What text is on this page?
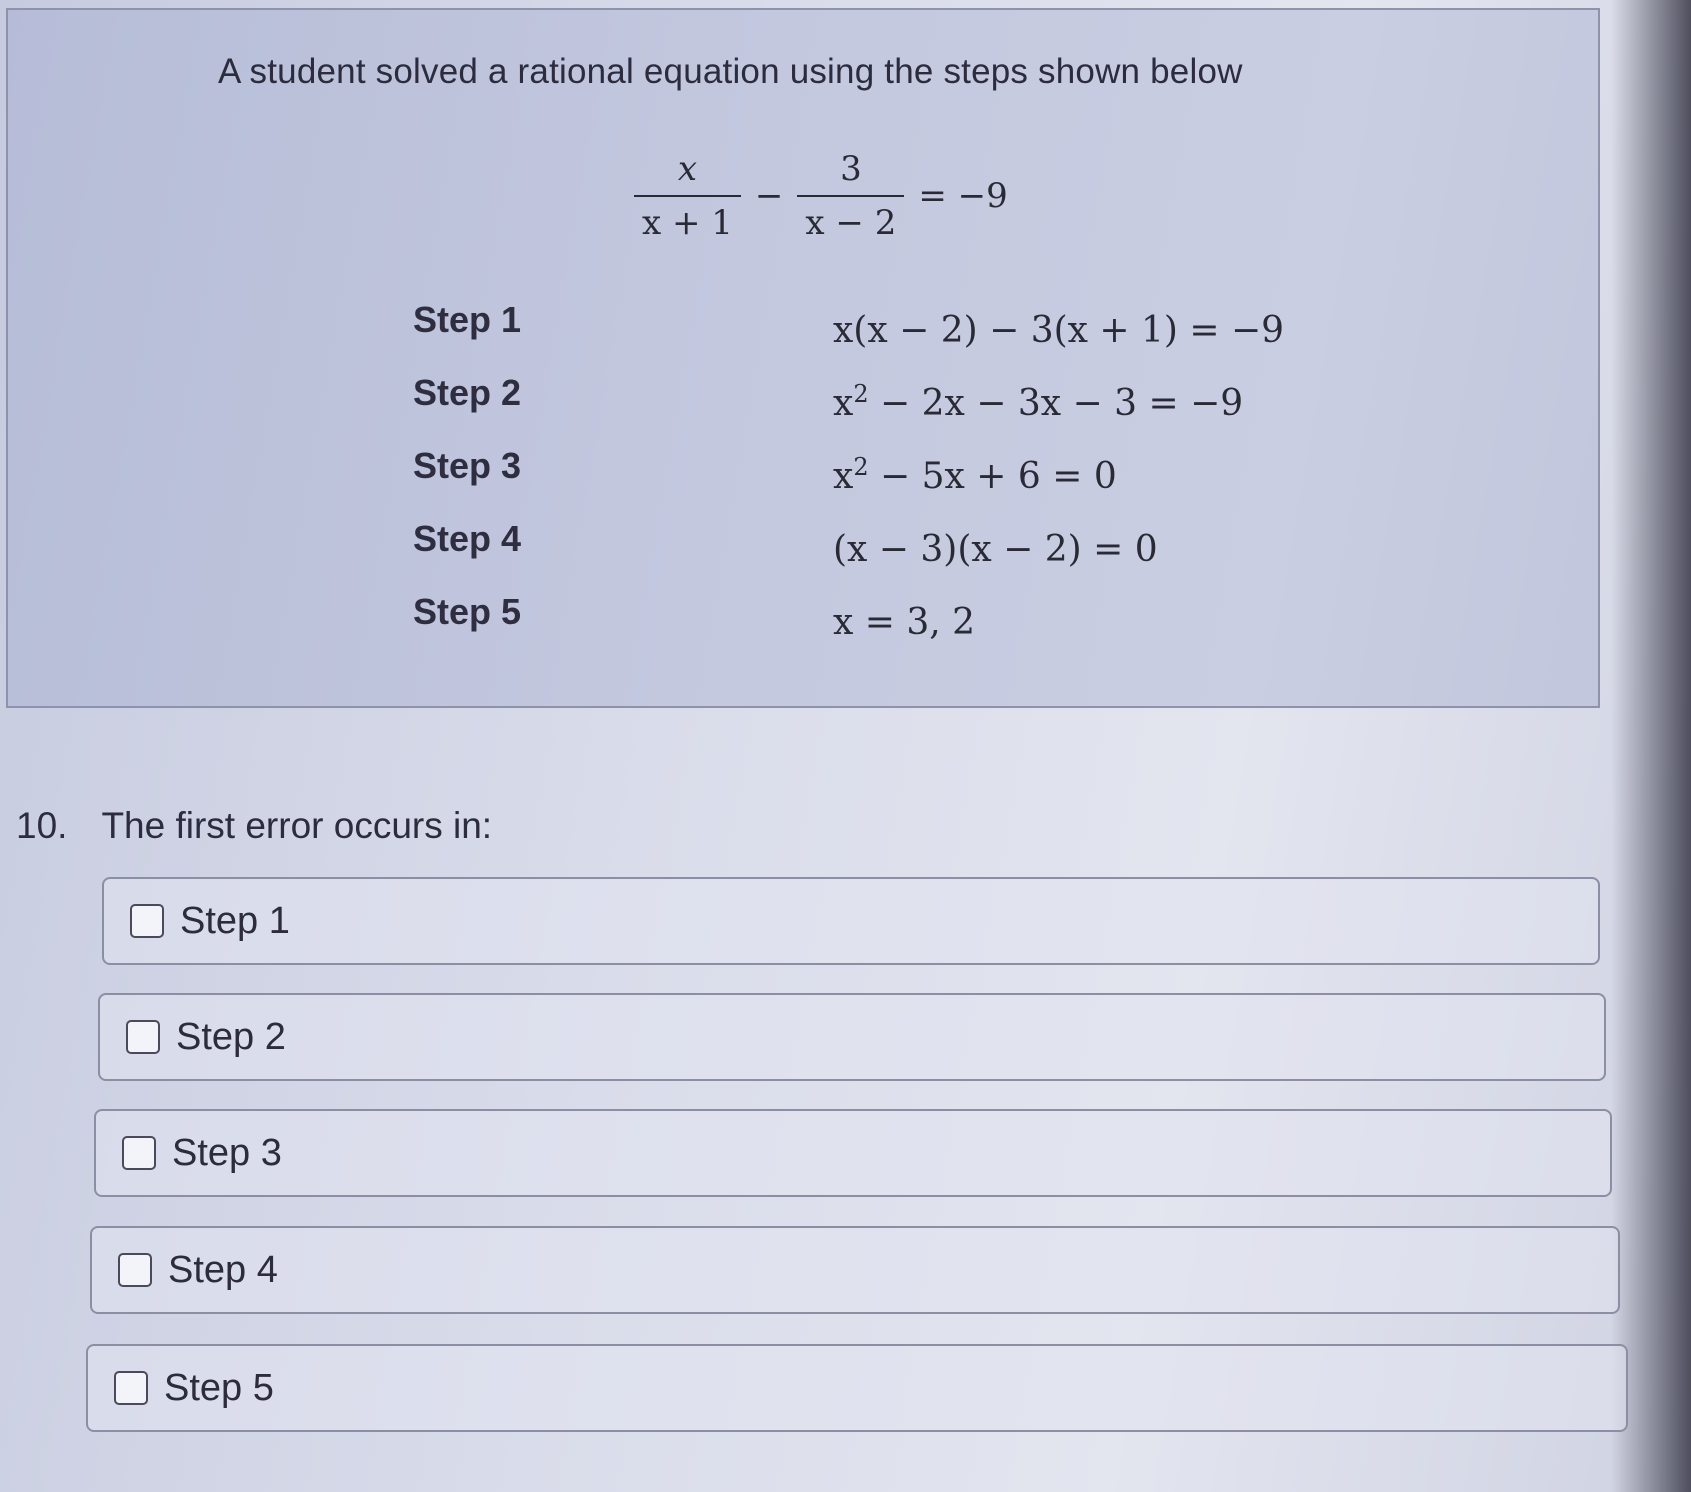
A student solved a rational equation using the steps shown below

$\frac{x}{x + 1} - \frac{3}{x - 2} = -9$
Step 1	x(x − 2) − 3(x + 1) = −9
Step 2	$x^2 - 2x - 3x - 3 = -9$
Step 3	$x^2 - 5x + 6 = 0$
Step 4	(x − 3)(x − 2) = 0
Step 5	x = 3, 2
10. The first error occurs in:
Step 1
Step 2
Step 3
Step 4
Step 5
